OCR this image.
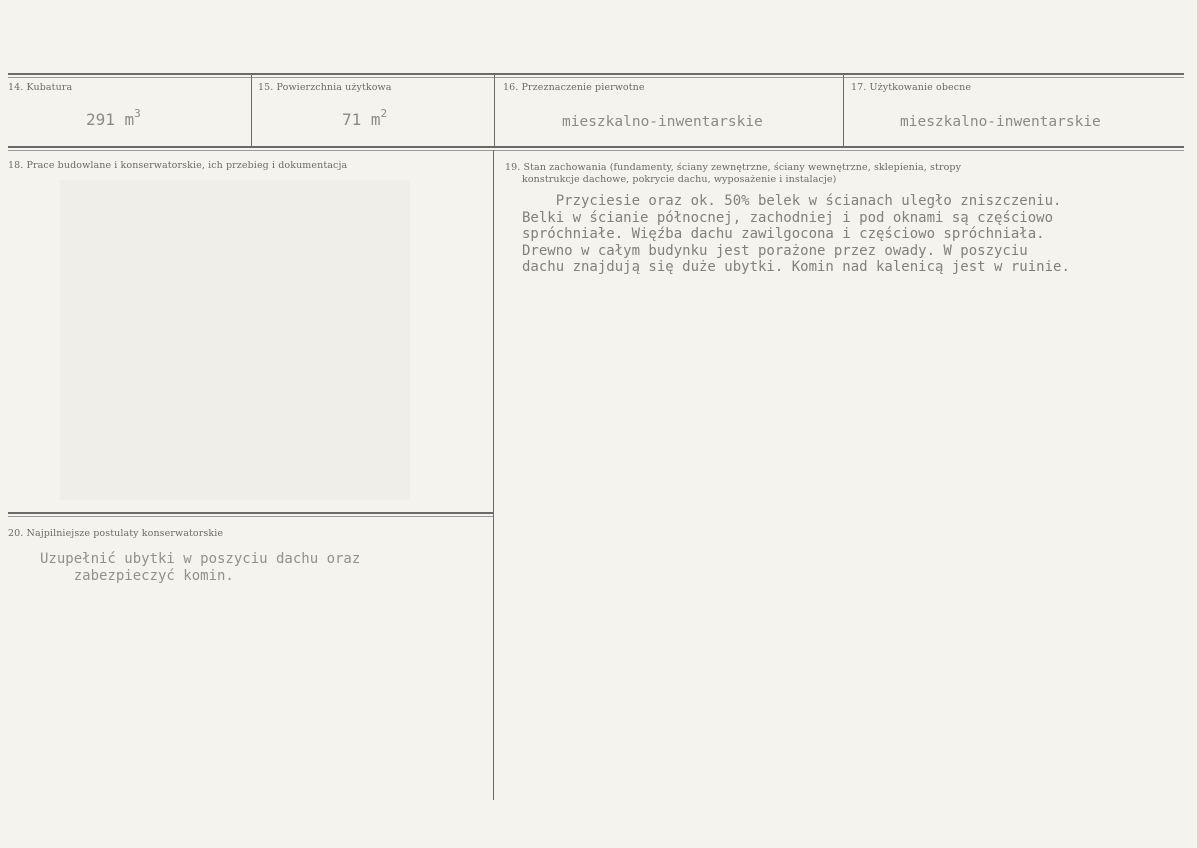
14. Kubatura
291 $m^3$
15. Powierzchnia użytkowa
71 $m^2$
16. Przeznaczenie pierwotne
mieszkalno-inwentarskie
17. Użytkowanie obecne
mieszkalno-inwentarskie
18. Prace budowlane i konserwatorskie, ich przebieg i dokumentacja	19. Stan zachowania (fundamenty, ściany zewnętrzne, ściany wewnętrzne, sklepienia, stropy
konstrukcje dachowe, pokrycie dachu, wyposażenie i instalacje)
Przyciesie oraz ok. 50% belek w ścianach uległo zniszczeniu.
Belki w ścianie północnej, zachodniej i pod oknami są częściowo
spróchniałe. Więźba dachu zawilgocona i częściowo spróchniała.
Drewno w całym budynku jest porażone przez owady. W poszyciu
dachu znajdują się duże ubytki. Komin nad kalenicą jest w ruinie.
20. Najpilniejsze postulaty konserwatorskie
Uzupełnić ubytki w poszyciu dachu oraz
zabezpieczyć komin.
